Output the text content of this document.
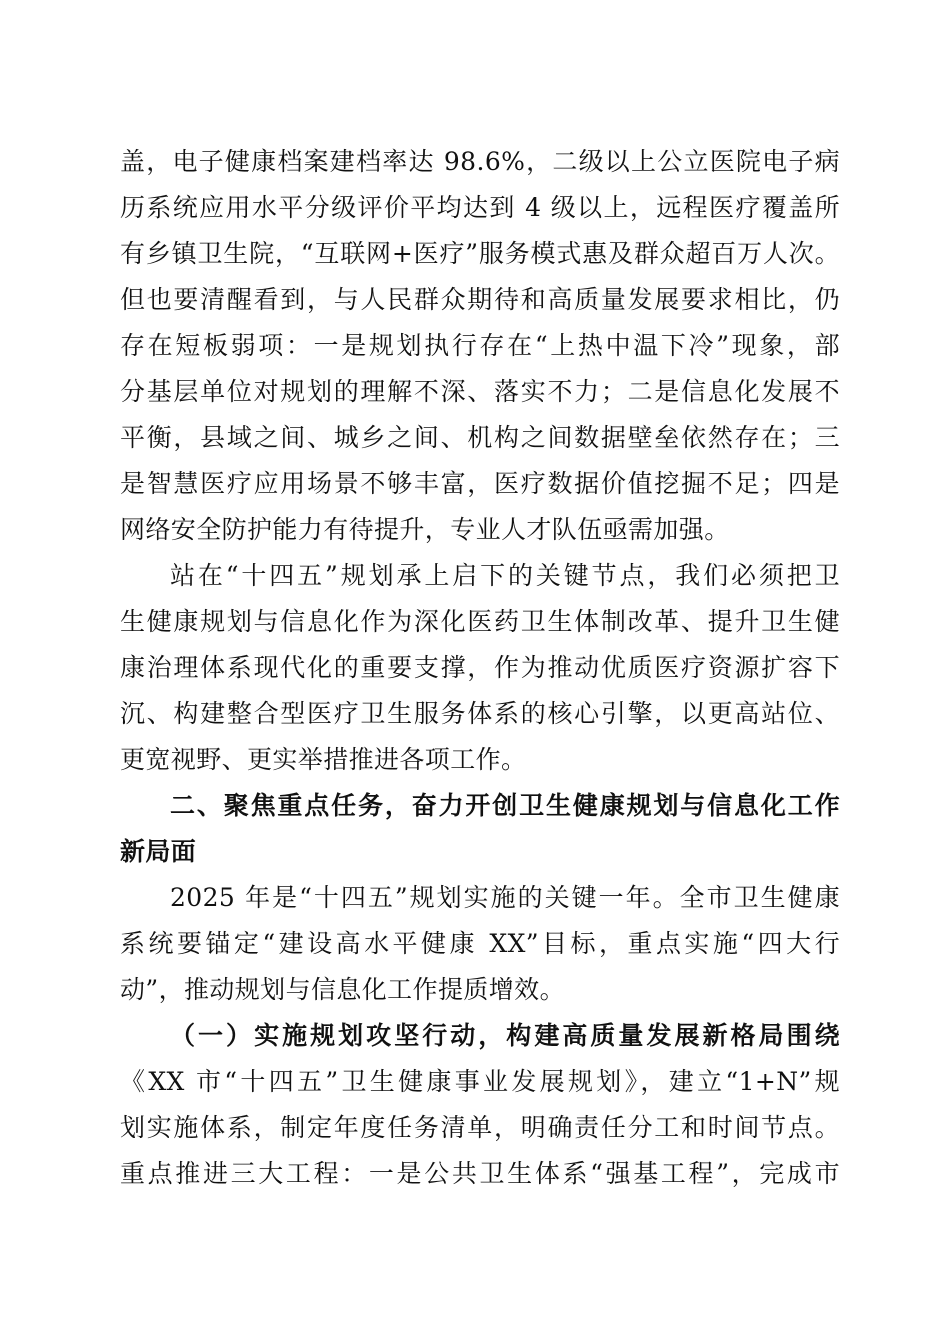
盖，电子健康档案建档率达 98.6%，二级以上公立医院电子病
历系统应用水平分级评价平均达到 4 级以上，远程医疗覆盖所
有乡镇卫生院，“互联网+医疗”服务模式惠及群众超百万人次。
但也要清醒看到，与人民群众期待和高质量发展要求相比，仍
存在短板弱项：一是规划执行存在“上热中温下冷”现象，部
分基层单位对规划的理解不深、落实不力；二是信息化发展不
平衡，县域之间、城乡之间、机构之间数据壁垒依然存在；三
是智慧医疗应用场景不够丰富，医疗数据价值挖掘不足；四是
网络安全防护能力有待提升，专业人才队伍亟需加强。
站在“十四五”规划承上启下的关键节点，我们必须把卫
生健康规划与信息化作为深化医药卫生体制改革、提升卫生健
康治理体系现代化的重要支撑，作为推动优质医疗资源扩容下
沉、构建整合型医疗卫生服务体系的核心引擎，以更高站位、
更宽视野、更实举措推进各项工作。
二、聚焦重点任务，奋力开创卫生健康规划与信息化工作
新局面
2025 年是“十四五”规划实施的关键一年。全市卫生健康
系统要锚定“建设高水平健康 XX”目标，重点实施“四大行
动”，推动规划与信息化工作提质增效。
（一）实施规划攻坚行动，构建高质量发展新格局围绕
《XX 市“十四五”卫生健康事业发展规划》，建立“1+N”规
划实施体系，制定年度任务清单，明确责任分工和时间节点。
重点推进三大工程：一是公共卫生体系“强基工程”，完成市
